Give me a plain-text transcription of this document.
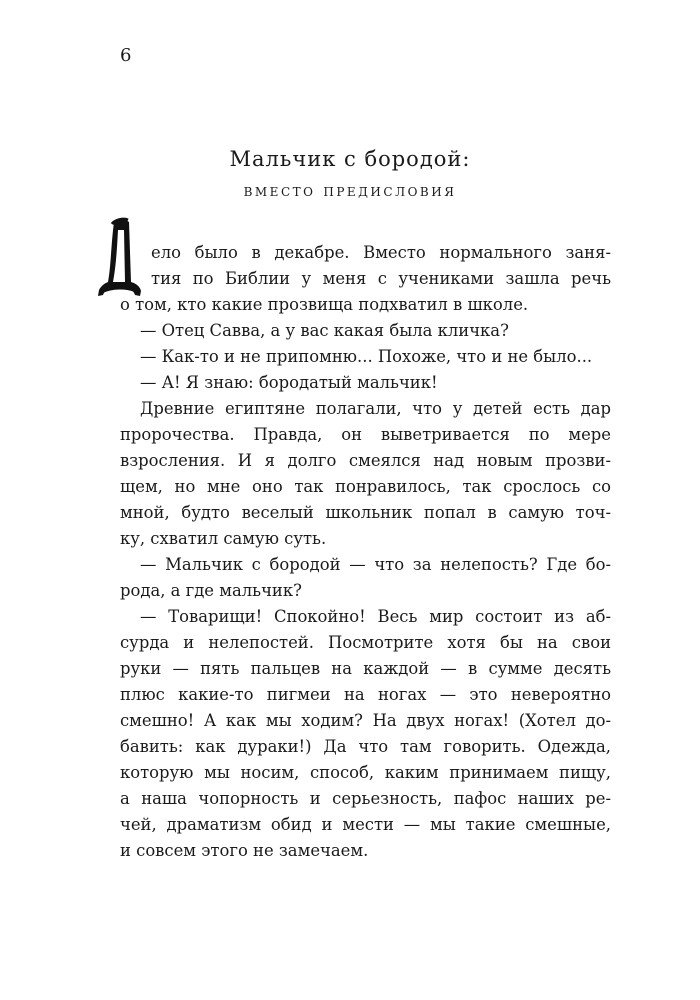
6
Мальчик с бородой:
вместо предисловия
ело было в декабре. Вместо нормального заня-
тия по Библии у меня с учениками зашла речь
о том, кто какие прозвища подхватил в школе.
— Отец Савва, а у вас какая была кличка?
— Как-то и не припомню... Похоже, что и не было...
— А! Я знаю: бородатый мальчик!
Древние египтяне полагали, что у детей есть дар
пророчества. Правда, он выветривается по мере
взросления. И я долго смеялся над новым прозви-
щем, но мне оно так понравилось, так срослось со
мной, будто веселый школьник попал в самую точ-
ку, схватил самую суть.
— Мальчик с бородой — что за нелепость? Где бо-
рода, а где мальчик?
— Товарищи! Спокойно! Весь мир состоит из аб-
сурда и нелепостей. Посмотрите хотя бы на свои
руки — пять пальцев на каждой — в сумме десять
плюс какие-то пигмеи на ногах — это невероятно
смешно! А как мы ходим? На двух ногах! (Хотел до-
бавить: как дураки!) Да что там говорить. Одежда,
которую мы носим, способ, каким принимаем пищу,
а наша чопорность и серьезность, пафос наших ре-
чей, драматизм обид и мести — мы такие смешные,
и совсем этого не замечаем.
